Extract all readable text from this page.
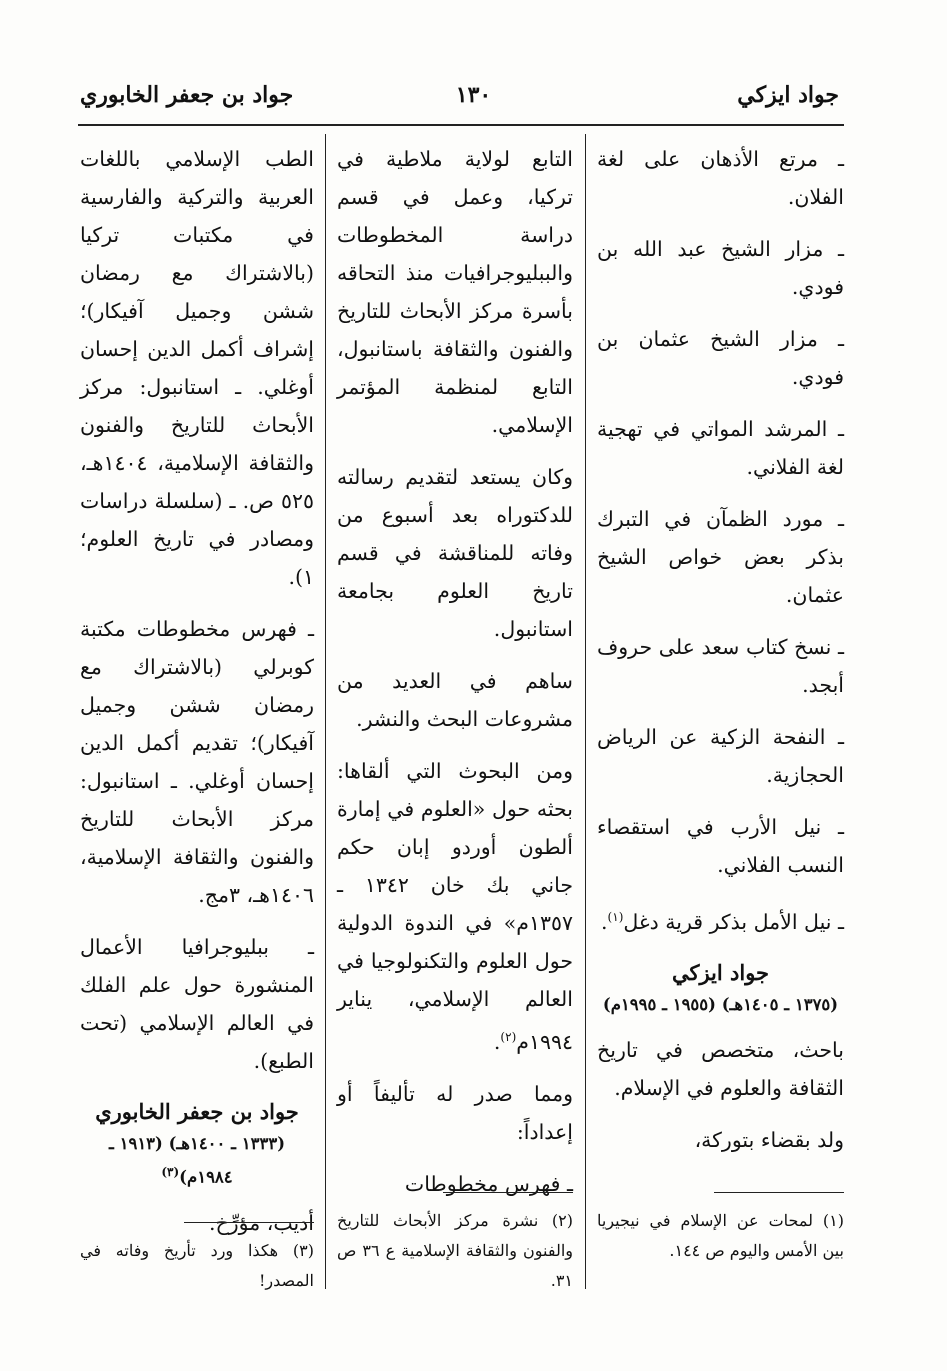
جواد ايزكي
١٣٠
جواد بن جعفر الخابوري

ـ مرتع الأذهان على لغة الفلان.

ـ مزار الشيخ عبد الله بن فودي.

ـ مزار الشيخ عثمان بن فودي.

ـ المرشد المواتي في تهجية لغة الفلاني.

ـ مورد الظمآن في التبرك بذكر بعض خواص الشيخ عثمان.

ـ نسخ كتاب سعد على حروف أبجد.

ـ النفحة الزكية عن الرياض الحجازية.

ـ نيل الأرب في استقصاء النسب الفلاني.

ـ نيل الأمل بذكر قرية دغل$^{(١)}$.

جواد ايزكي
(١٣٧٥ ـ ١٤٠٥هـ) (١٩٥٥ ـ ١٩٩٥م)

باحث، متخصص في تاريخ الثقافة والعلوم في الإسلام.

ولد بقضاء بتوركة،

التابع لولاية ملاطية في تركيا، وعمل في قسم دراسة المخطوطات والببليوجرافيات منذ التحاقه بأسرة مركز الأبحاث للتاريخ والفنون والثقافة باستانبول، التابع لمنظمة المؤتمر الإسلامي.

وكان يستعد لتقديم رسالته للدكتوراه بعد أسبوع من وفاته للمناقشة في قسم تاريخ العلوم بجامعة استانبول.

ساهم في العديد من مشروعات البحث والنشر.

ومن البحوث التي ألقاها: بحثه حول «العلوم في إمارة ألطون أوردو إبان حكم جاني بك خان ١٣٤٢ ـ ١٣٥٧م» في الندوة الدولية حول العلوم والتكنولوجيا في العالم الإسلامي، يناير ١٩٩٤م$^{(٢)}$.

ومما صدر له تأليفاً أو إعداداً:

ـ فهرس مخطوطات

الطب الإسلامي باللغات العربية والتركية والفارسية في مكتبات تركيا (بالاشتراك مع رمضان ششن وجميل آفيكار)؛ إشراف أكمل الدين إحسان أوغلي. ـ استانبول: مركز الأبحاث للتاريخ والفنون والثقافة الإسلامية، ١٤٠٤هـ، ٥٢٥ ص. ـ (سلسلة دراسات ومصادر في تاريخ العلوم؛ ١).

ـ فهرس مخطوطات مكتبة كوبرلي (بالاشتراك مع رمضان ششن وجميل آفيكار)؛ تقديم أكمل الدين إحسان أوغلي. ـ استانبول: مركز الأبحاث للتاريخ والفنون والثقافة الإسلامية، ١٤٠٦هـ، ٣مج.

ـ ببليوجرافيا الأعمال المنشورة حول علم الفلك في العالم الإسلامي (تحت الطبع).

جواد بن جعفر الخابوري
(١٣٣٣ ـ ١٤٠٠هـ) (١٩١٣ ـ ١٩٨٤م)$^{(٣)}$

أديب، مؤرِّخ.	(١) لمحات عن الإسلام في نيجيريا بين الأمس واليوم ص ١٤٤.
(٢) نشرة مركز الأبحاث للتاريخ والفنون والثقافة الإسلامية ع ٣٦ ص ٣١.
(٣) هكذا ورد تأريخ وفاته في المصدر!
